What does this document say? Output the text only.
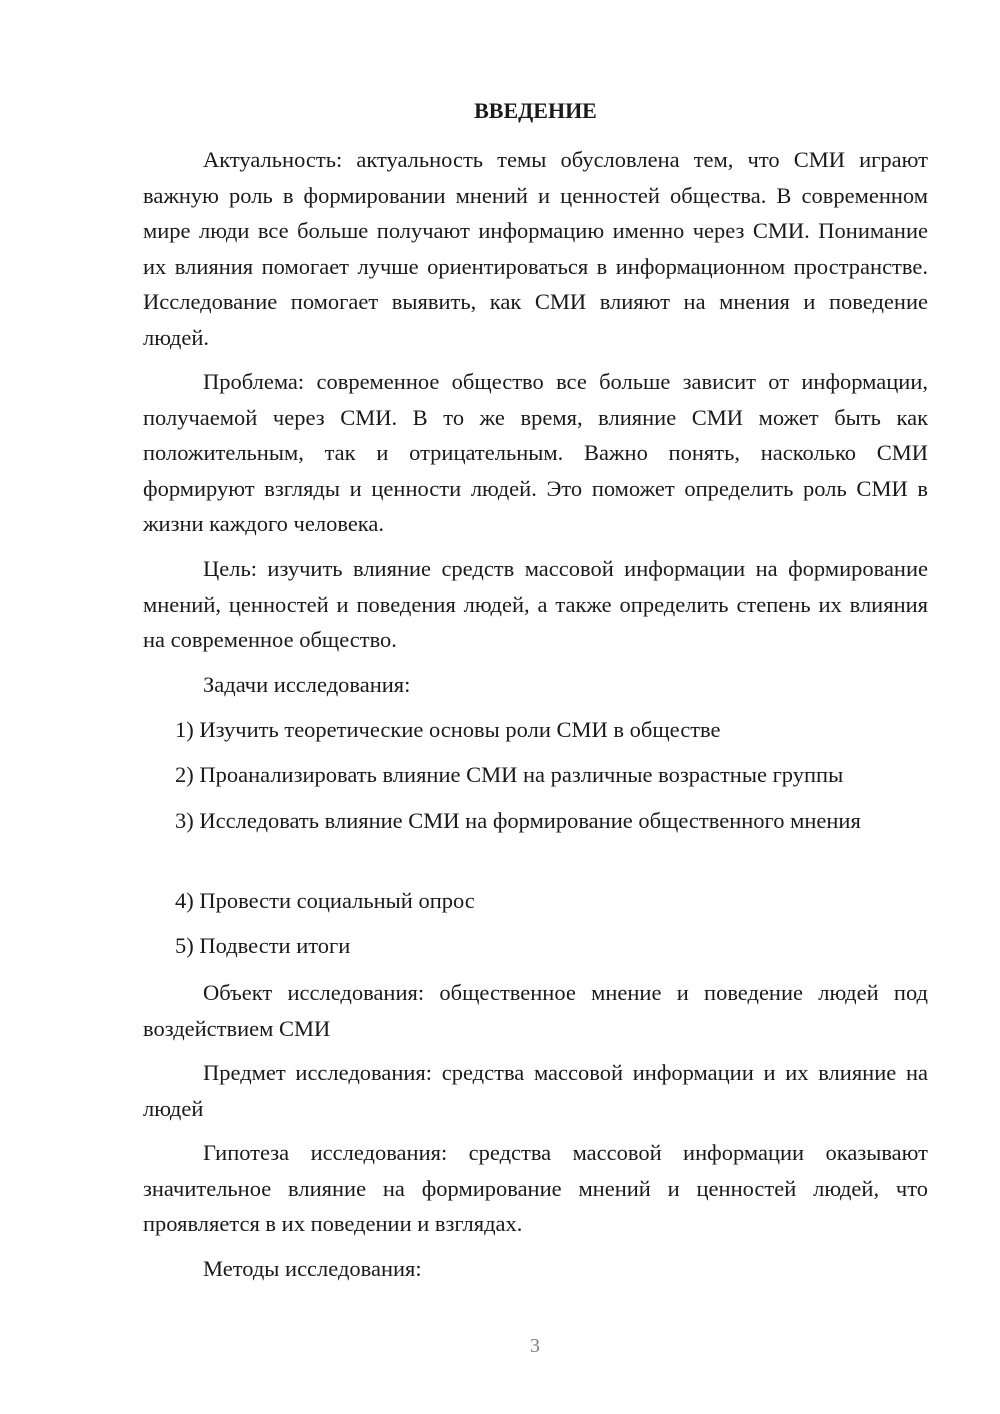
ВВЕДЕНИЕ

Актуальность: актуальность темы обусловлена тем, что СМИ играют важную роль в формировании мнений и ценностей общества. В современном мире люди все больше получают информацию именно через СМИ. Понимание их влияния помогает лучше ориентироваться в информационном пространстве. Исследование помогает выявить, как СМИ влияют на мнения и поведение людей.

Проблема: современное общество все больше зависит от информации, получаемой через СМИ. В то же время, влияние СМИ может быть как положительным, так и отрицательным. Важно понять, насколько СМИ формируют взгляды и ценности людей. Это поможет определить роль СМИ в жизни каждого человека.

Цель: изучить влияние средств массовой информации на формирование мнений, ценностей и поведения людей, а также определить степень их влияния на современное общество.

Задачи исследования:

1) Изучить теоретические основы роли СМИ в обществе

2) Проанализировать влияние СМИ на различные возрастные группы

3) Исследовать влияние СМИ на формирование общественного мнения

4) Провести социальный опрос

5) Подвести итоги

Объект исследования: общественное мнение и поведение людей под воздействием СМИ

Предмет исследования: средства массовой информации и их влияние на людей

Гипотеза исследования: средства массовой информации оказывают значительное влияние на формирование мнений и ценностей людей, что проявляется в их поведении и взглядах.

Методы исследования:

3
